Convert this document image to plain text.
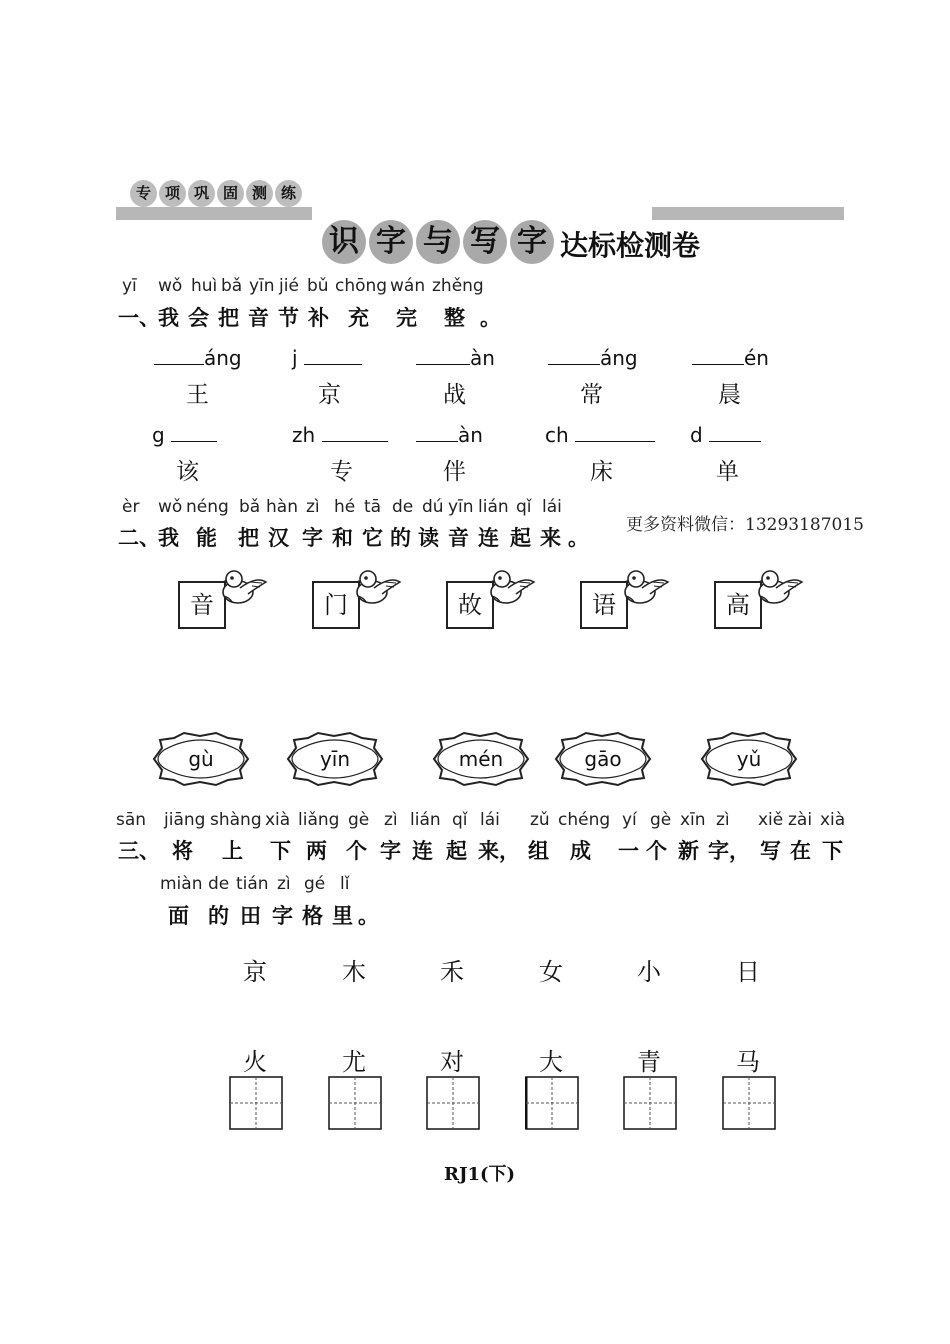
专 项 巩 固 测 练
识 字 与 写 字 达标检测卷
yī wǒ huì bǎ yīn jié bǔ chōng wán zhěng
一、
我 会 把 音 节 补 充 完 整 。
áng	j	àn	áng	én
王	京	战	常	晨
g	zh	àn	ch	d
该	专	伴	床	单
èr wǒ néng bǎ hàn zì hé tā de dú yīn lián qǐ lái
二、
我 能 把 汉 字 和 它 的 读 音 连 起 来 。
更多资料微信：13293187015
音	门	故	语	高
gù	yīn	mén	gāo	yǔ
sān jiāng shàng xià liǎng gè zì lián qǐ lái zǔ chéng yí gè xīn zì xiě zài xià
三、 将 上 下 两 个 字 连 起 来， 组 成 一 个 新 字， 写 在 下
miàn de tián zì gé lǐ
面 的 田 字 格 里 。
京	木	禾	女	小	日
火	尤	对	大	青	马
RJ1(下)
